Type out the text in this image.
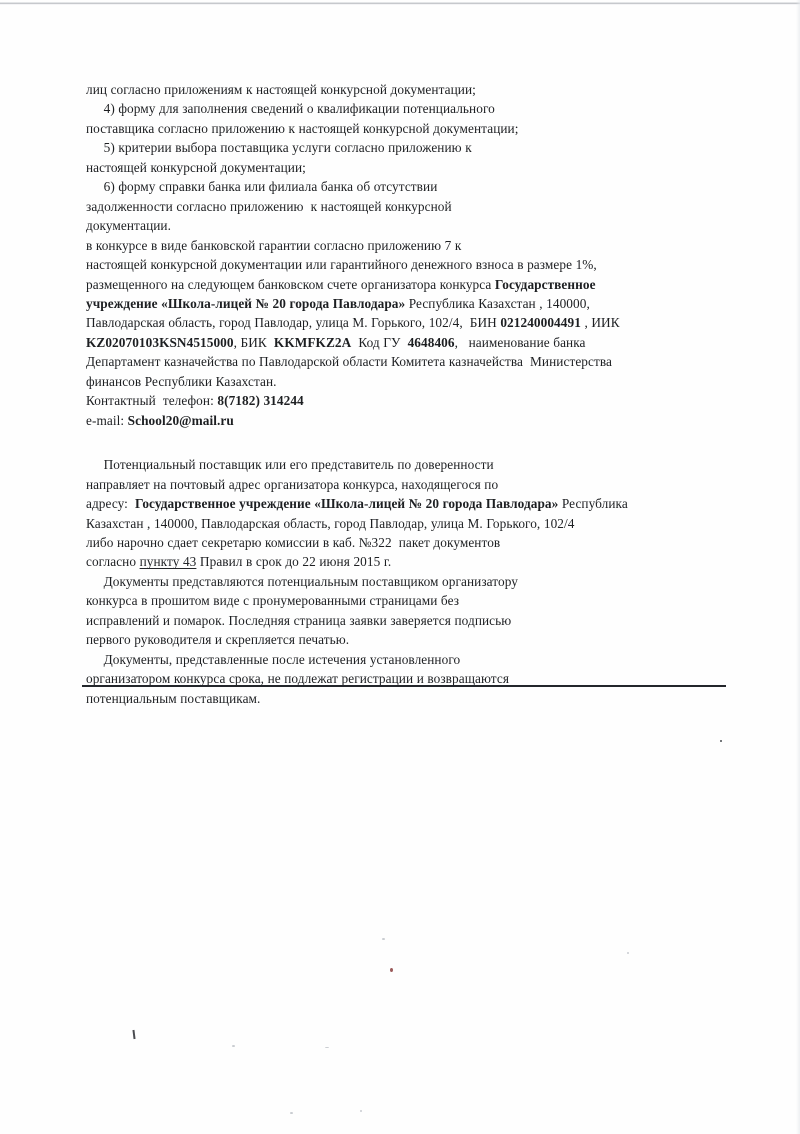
лиц согласно приложениям к настоящей конкурсной документации;

4) форму для заполнения сведений о квалификации потенциального

поставщика согласно приложению к настоящей конкурсной документации;

5) критерии выбора поставщика услуги согласно приложению к

настоящей конкурсной документации;

6) форму справки банка или филиала банка об отсутствии

задолженности согласно приложению  к настоящей конкурсной

документации.

в конкурсе в виде банковской гарантии согласно приложению 7 к

настоящей конкурсной документации или гарантийного денежного взноса в размере 1%,

размещенного на следующем банковском счете организатора конкурса Государственное

учреждение «Школа-лицей № 20 города Павлодара» Республика Казахстан , 140000,

Павлодарская область, город Павлодар, улица М. Горького, 102/4,  БИН 021240004491 , ИИК

KZ02070103KSN4515000, БИК KKMFKZ2A Код ГУ 4648406,   наименование банка

Департамент казначейства по Павлодарской области Комитета казначейства  Министерства

финансов Республики Казахстан.

Контактный  телефон: 8(7182) 314244

e-mail: School20@mail.ru

Потенциальный поставщик или его представитель по доверенности

направляет на почтовый адрес организатора конкурса, находящегося по

адресу:  Государственное учреждение «Школа-лицей № 20 города Павлодара» Республика

Казахстан , 140000, Павлодарская область, город Павлодар, улица М. Горького, 102/4

либо нарочно сдает секретарю комиссии в каб. №322  пакет документов

согласно пункту 43 Правил в срок до 22 июня 2015 г.

Документы представляются потенциальным поставщиком организатору

конкурса в прошитом виде с пронумерованными страницами без

исправлений и помарок. Последняя страница заявки заверяется подписью

первого руководителя и скрепляется печатью.

Документы, представленные после истечения установленного

организатором конкурса срока, не подлежат регистрации и возвращаются

потенциальным поставщикам.
